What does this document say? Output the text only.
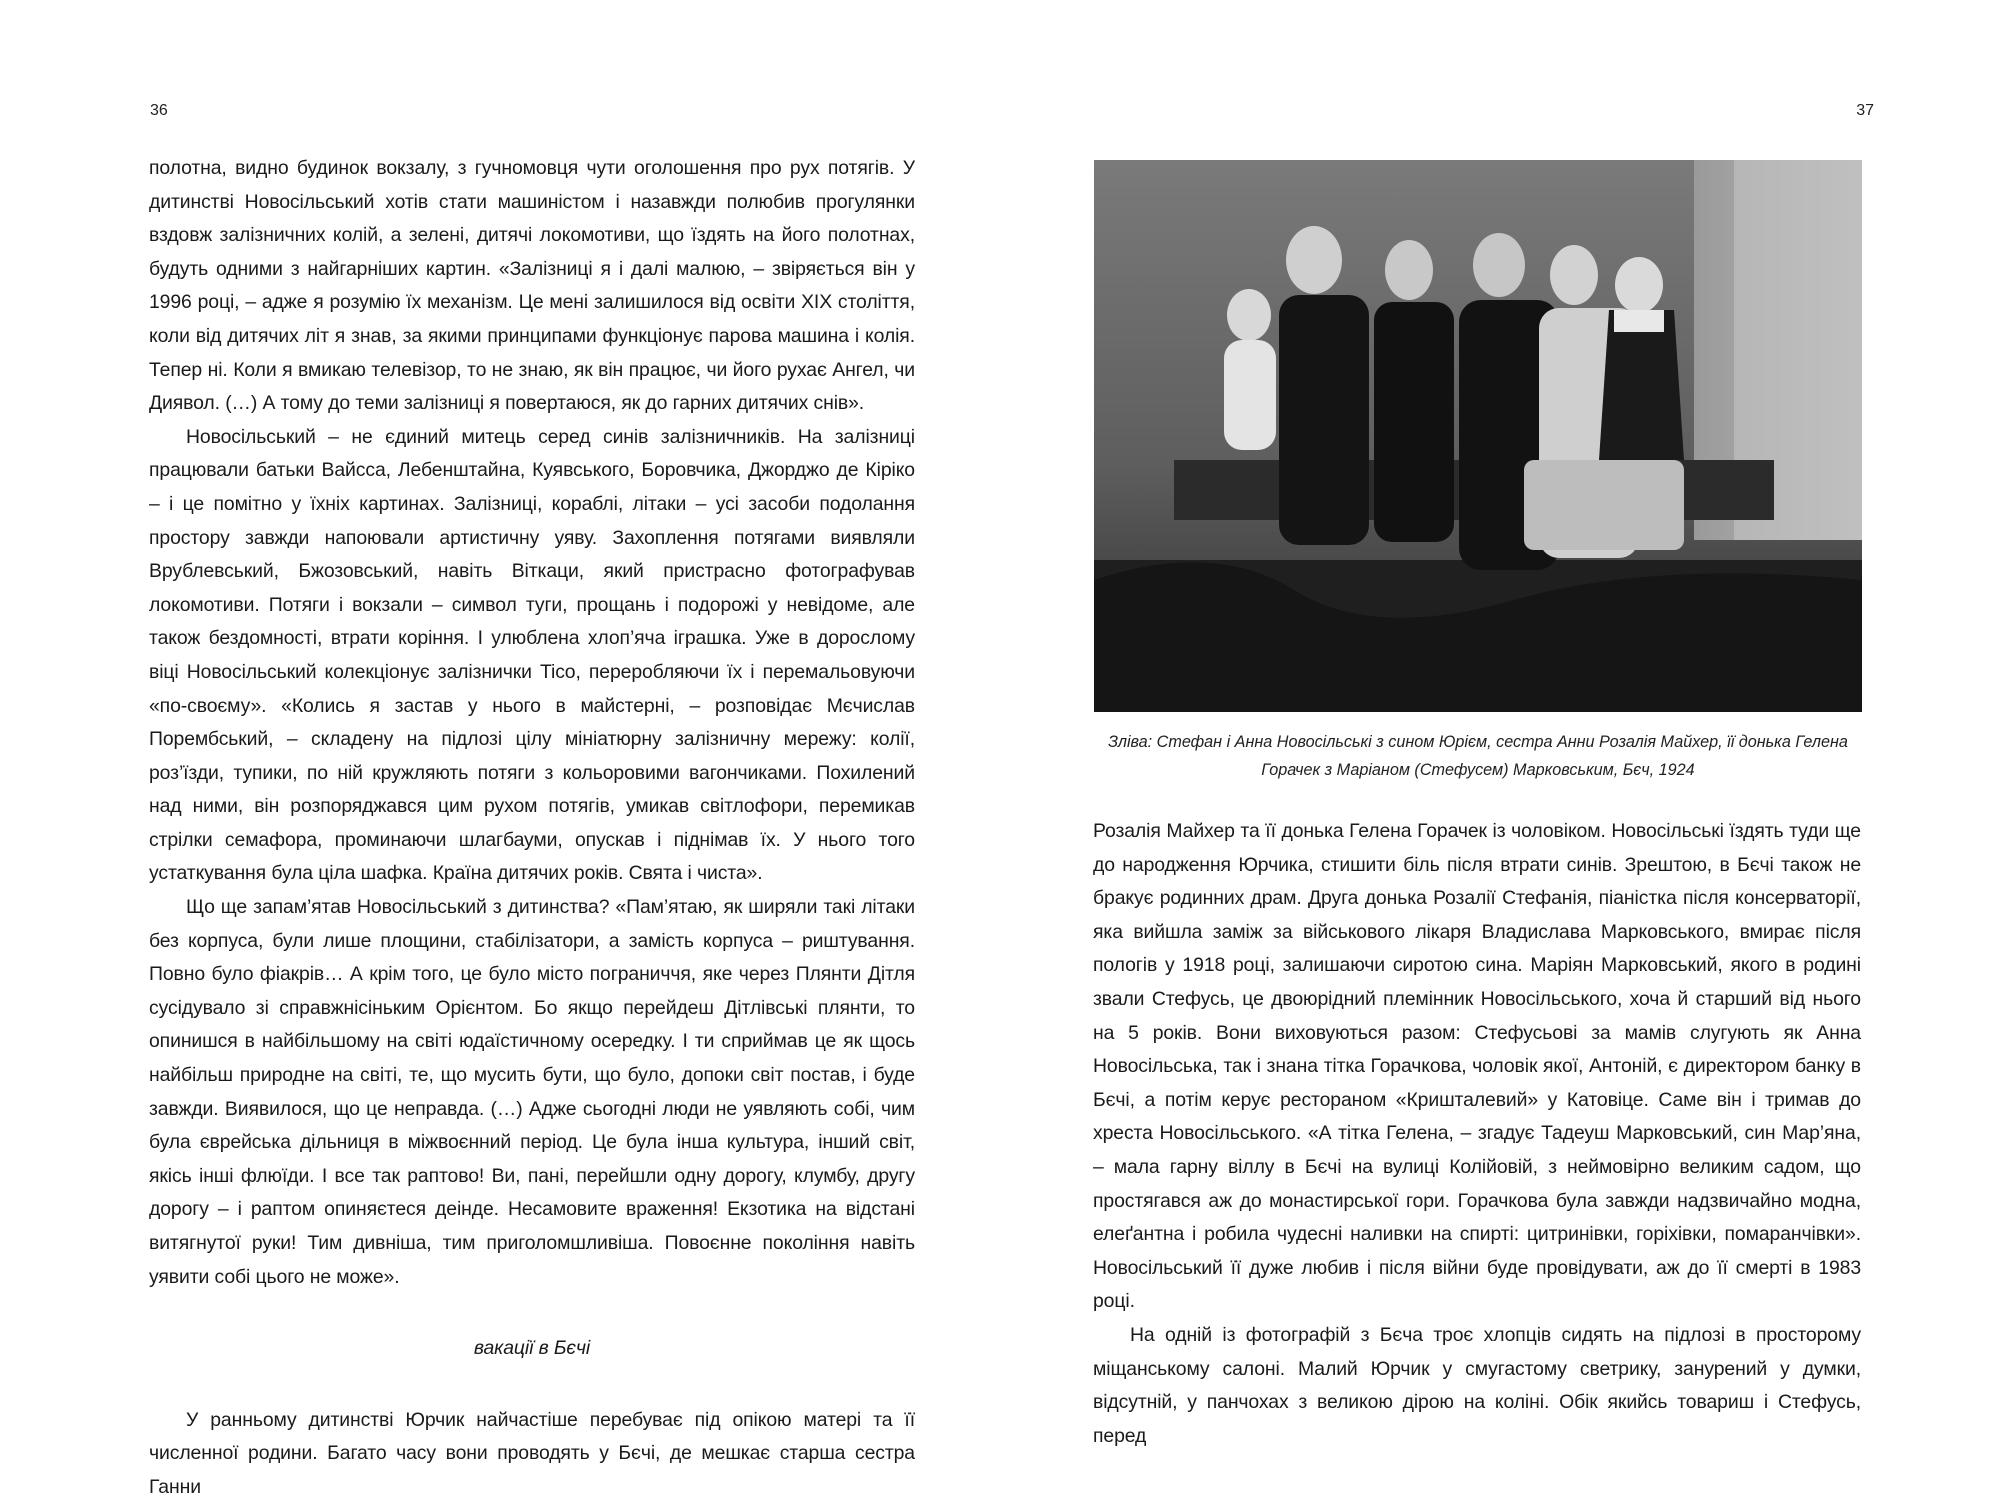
36

полотна, видно будинок вокзалу, з гучномовця чути оголошення про рух потягів. У дитинстві Новосільський хотів стати машиністом і назавжди полюбив прогулянки вздовж залізничних колій, а зелені, дитячі локомотиви, що їздять на його полотнах, будуть одними з найгарніших картин. «Залізниці я і далі малюю, – звіряється він у 1996 році, – адже я розумію їх механізм. Це мені залишилося від освіти XIX століття, коли від дитячих літ я знав, за якими принципами функціонує парова машина і колія. Тепер ні. Коли я вмикаю телевізор, то не знаю, як він працює, чи його рухає Ангел, чи Диявол. (…) А тому до теми залізниці я повертаюся, як до гарних дитячих снів».

Новосільський – не єдиний митець серед синів залізничників. На залізниці працювали батьки Вайсса, Лебенштайна, Куявського, Боровчика, Джорджо де Кіріко – і це помітно у їхніх картинах. Залізниці, кораблі, літаки – усі засоби подолання простору завжди напоювали артистичну уяву. Захоплення потягами виявляли Врублевський, Бжозовський, навіть Віткаци, який пристрасно фотографував локомотиви. Потяги і вокзали – символ туги, прощань і подорожі у невідоме, але також бездомності, втрати коріння. І улюблена хлоп’яча іграшка. Уже в дорослому віці Новосільський колекціонує залізнички Tico, переробляючи їх і перемальовуючи «по-своєму». «Колись я застав у нього в майстерні, – розповідає Мєчислав Порембський, – складену на підлозі цілу мініатюрну залізничну мережу: колії, роз’їзди, тупики, по ній кружляють потяги з кольоровими вагончиками. Похилений над ними, він розпоряджався цим рухом потягів, умикав світлофори, перемикав стрілки семафора, проминаючи шлагбауми, опускав і піднімав їх. У нього того устаткування була ціла шафка. Країна дитячих років. Свята і чиста».

Що ще запам’ятав Новосільський з дитинства? «Пам’ятаю, як ширяли такі літаки без корпуса, були лише площини, стабілізатори, а замість корпуса – риштування. Повно було фіакрів… А крім того, це було місто пограниччя, яке через Плянти Дітля сусідувало зі справжнісіньким Орієнтом. Бо якщо перейдеш Дітлівські плянти, то опинишся в найбільшому на світі юдаїстичному осередку. І ти сприймав це як щось найбільш природне на світі, те, що мусить бути, що було, допоки світ постав, і буде завжди. Виявилося, що це неправда. (…) Адже сьогодні люди не уявляють собі, чим була єврейська дільниця в міжвоєнний період. Це була інша культура, інший світ, якісь інші флюїди. І все так раптово! Ви, пані, перейшли одну дорогу, клумбу, другу дорогу – і раптом опиняєтеся деінде. Несамовите враження! Екзотика на відстані витягнутої руки! Тим дивніша, тим приголомшливіша. Повоєнне покоління навіть уявити собі цього не може».

вакації в Бєчі

У ранньому дитинстві Юрчик найчастіше перебуває під опікою матері та її численної родини. Багато часу вони проводять у Бєчі, де мешкає старша сестра Ганни

37
Зліва: Стефан і Анна Новосільські з сином Юрієм, сестра Анни Розалія Майхер, її донька Гелена Горачек з Маріаном (Стефусем) Марковським, Бєч, 1924

Розалія Майхер та її донька Гелена Горачек із чоловіком. Новосільські їздять туди ще до народження Юрчика, стишити біль після втрати синів. Зрештою, в Бєчі також не бракує родинних драм. Друга донька Розалії Стефанія, піаністка після консерваторії, яка вийшла заміж за військового лікаря Владислава Марковського, вмирає після пологів у 1918 році, залишаючи сиротою сина. Маріян Марковський, якого в родині звали Стефусь, це двоюрідний племінник Новосільського, хоча й старший від нього на 5 років. Вони виховуються разом: Стефусьові за мамів слугують як Анна Новосільська, так і знана тітка Горачкова, чоловік якої, Антоній, є директором банку в Бєчі, а потім керує рестораном «Кришталевий» у Катовіце. Саме він і тримав до хреста Новосільського. «А тітка Гелена, – згадує Тадеуш Марковський, син Мар’яна, – мала гарну віллу в Бєчі на вулиці Колійовій, з неймовірно великим садом, що простягався аж до монастирської гори. Горачкова була завжди надзвичайно модна, елеґантна і робила чудесні наливки на спирті: цитринівки, горіхівки, помаранчівки». Новосільський її дуже любив і після війни буде провідувати, аж до її смерті в 1983 році.

На одній із фотографій з Бєча троє хлопців сидять на підлозі в просторому міщанському салоні. Малий Юрчик у смугастому светрику, занурений у думки, відсутній, у панчохах з великою дірою на коліні. Обік якийсь товариш і Стефусь, перед
